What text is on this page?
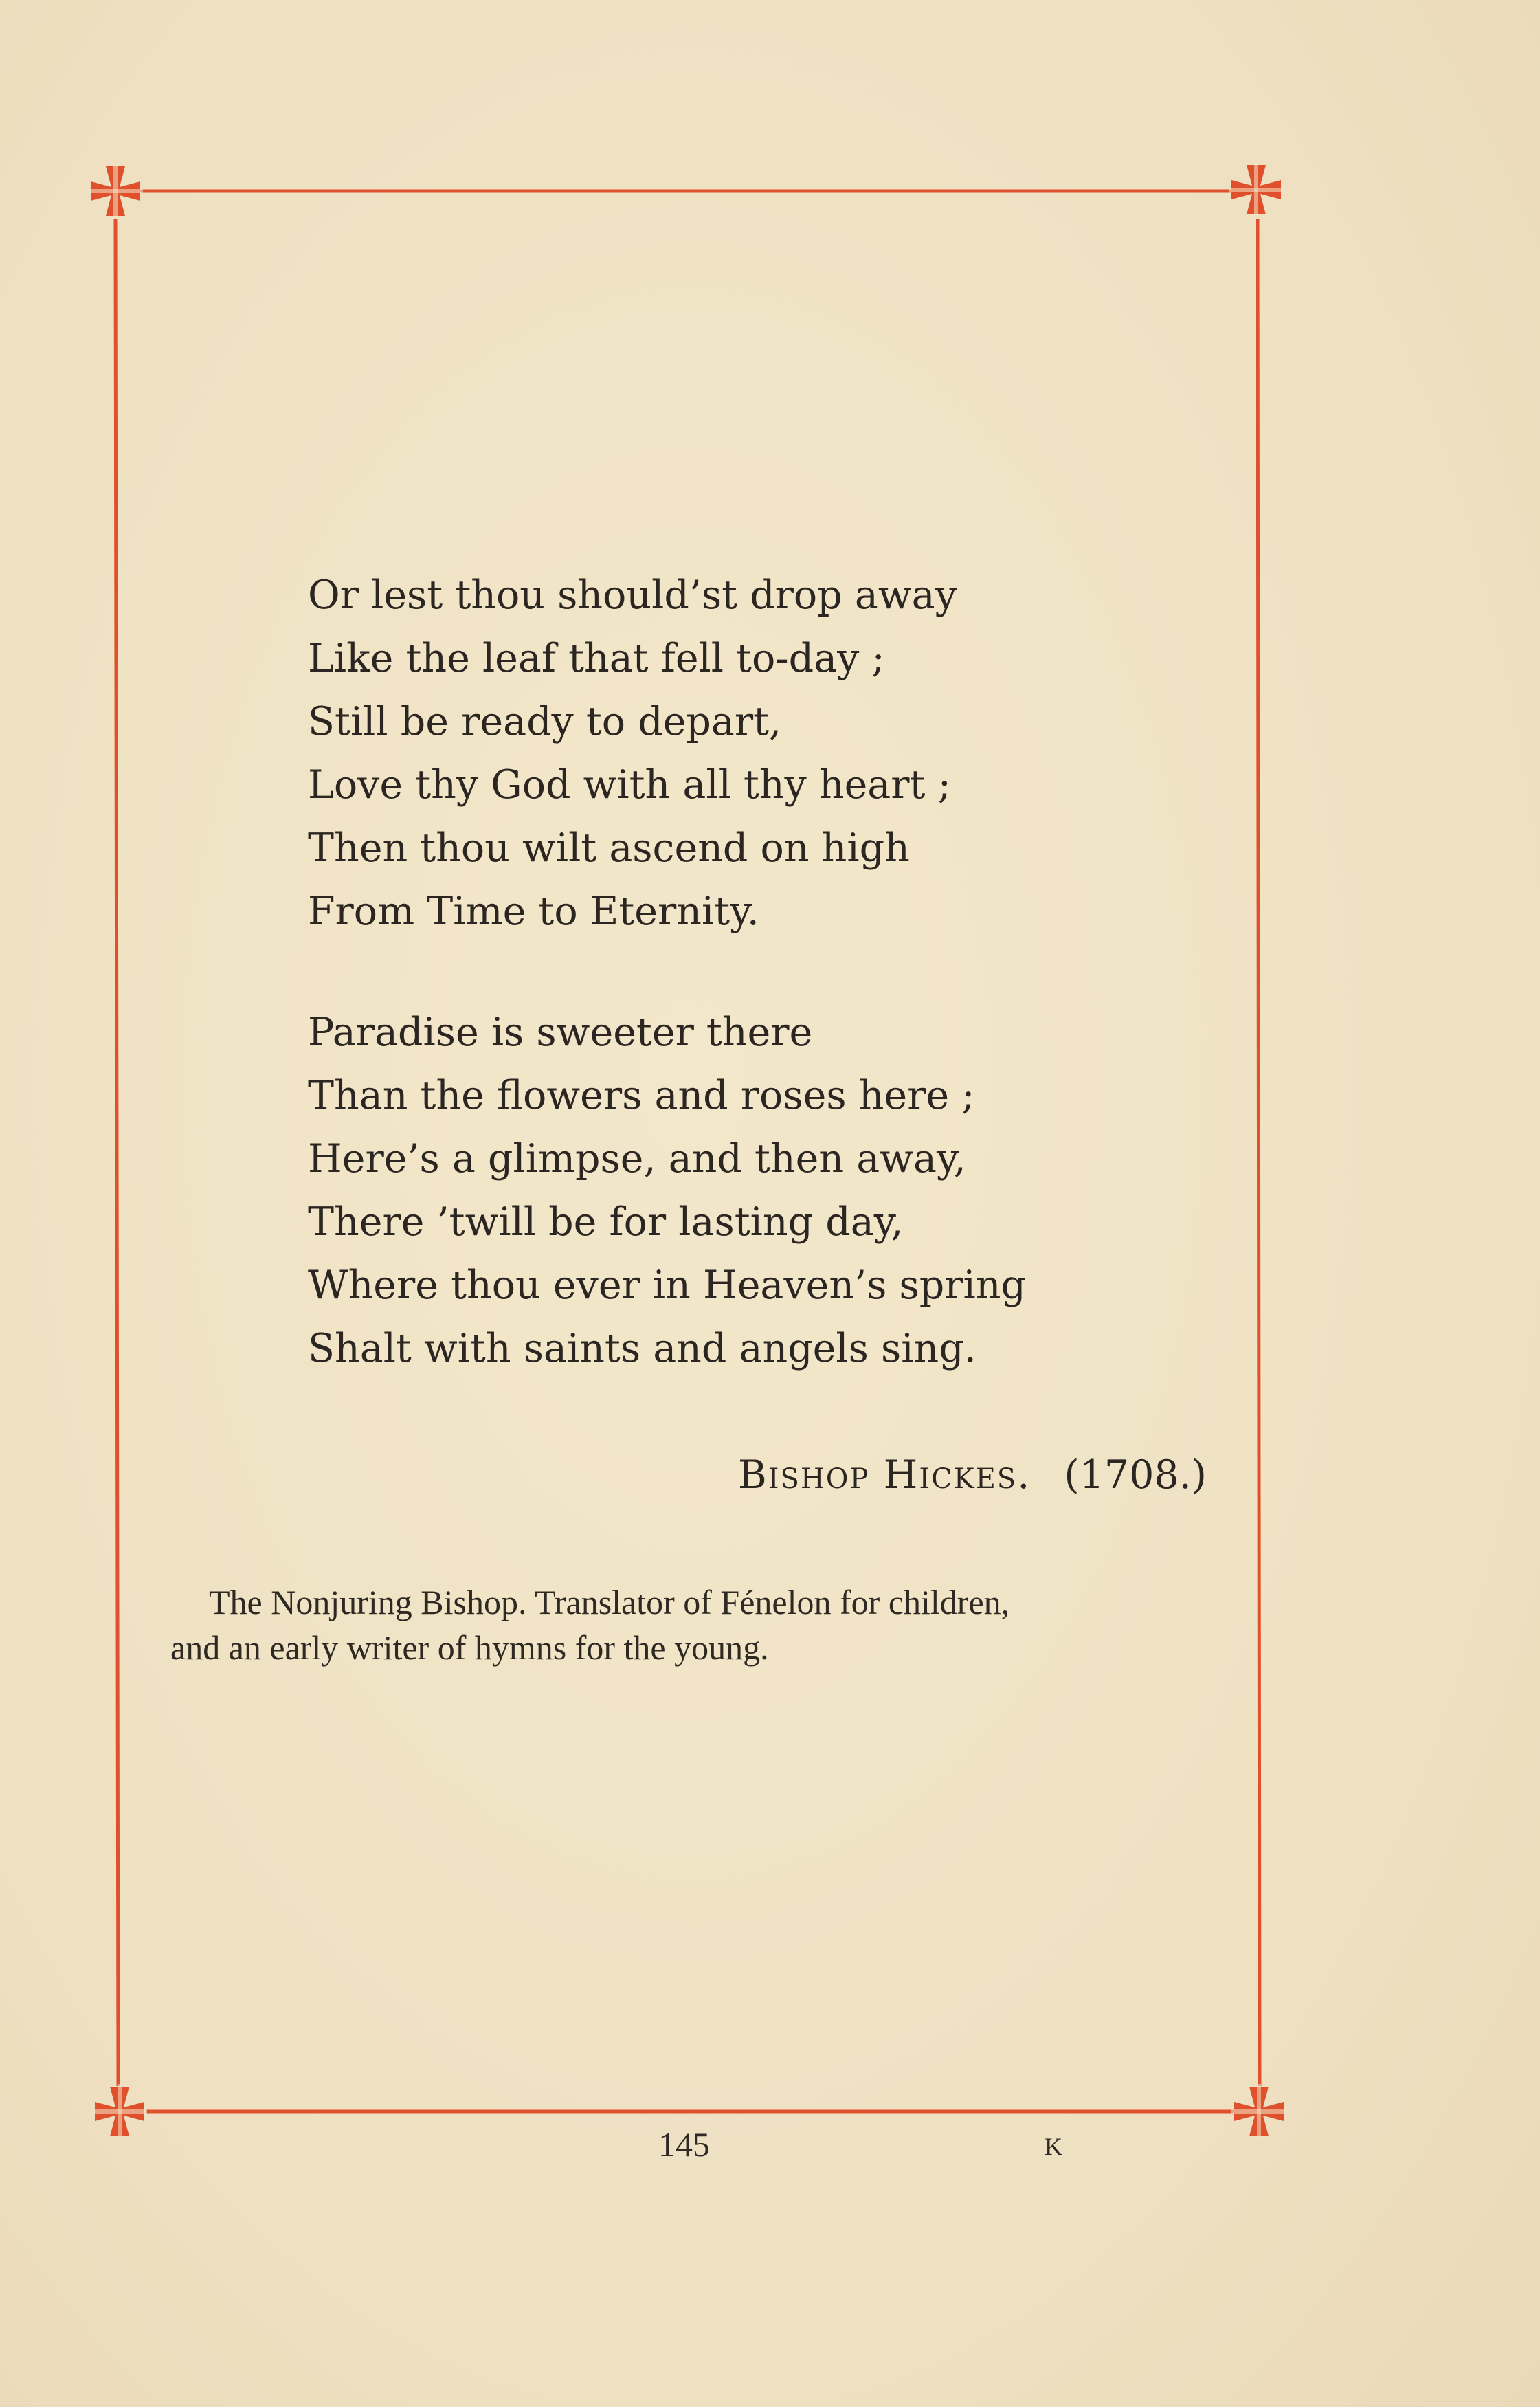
Or lest thou should’st drop away
Like the leaf that fell to-day ;
Still be ready to depart,
Love thy God with all thy heart ;
Then thou wilt ascend on high
From Time to Eternity.
Paradise is sweeter there
Than the flowers and roses here ;
Here’s a glimpse, and then away,
There ’twill be for lasting day,
Where thou ever in Heaven’s spring
Shalt with saints and angels sing.
Bishop Hickes. (1708.)
The Nonjuring Bishop. Translator of Fénelon for children,
and an early writer of hymns for the young.
145	K
